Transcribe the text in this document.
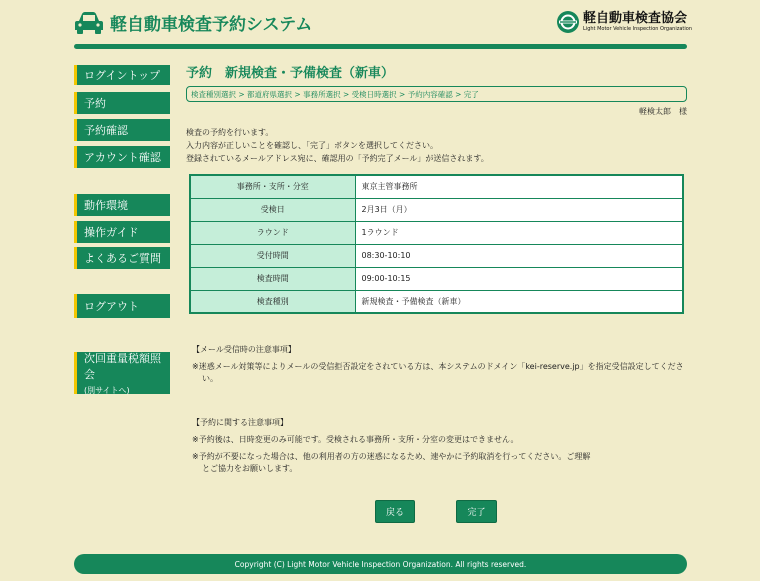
軽自動車検査予約システム	軽自動車検査協会
Light Motor Vehicle Inspection Organization
ログイントップ
予約
予約確認
アカウント確認
動作環境
操作ガイド
よくあるご質問
ログアウト
次回重量税額照会
(別サイトへ)
予約　新規検査・予備検査（新車）
検査種別選択 > 都道府県選択 > 事務所選択 > 受検日時選択 > 予約内容確認 > 完了
軽検太郎　様
検査の予約を行います。
入力内容が正しいことを確認し、「完了」ボタンを選択してください。
登録されているメールアドレス宛に、確認用の「予約完了メール」が送信されます。
事務所・支所・分室	東京主管事務所
受検日	2月3日（月）
ラウンド	1ラウンド
受付時間	08:30-10:10
検査時間	09:00-10:15
検査種別	新規検査・予備検査（新車）
【メール受信時の注意事項】
※迷惑メール対策等によりメールの受信拒否設定をされている方は、本システムのドメイン「kei-reserve.jp」を指定受信設定してください。
【予約に関する注意事項】
※予約後は、日時変更のみ可能です。受検される事務所・支所・分室の変更はできません。
※予約が不要になった場合は、他の利用者の方の迷惑になるため、速やかに予約取消を行ってください。ご理解とご協力をお願いします。
戻る	完了
Copyright (C) Light Motor Vehicle Inspection Organization. All rights reserved.
